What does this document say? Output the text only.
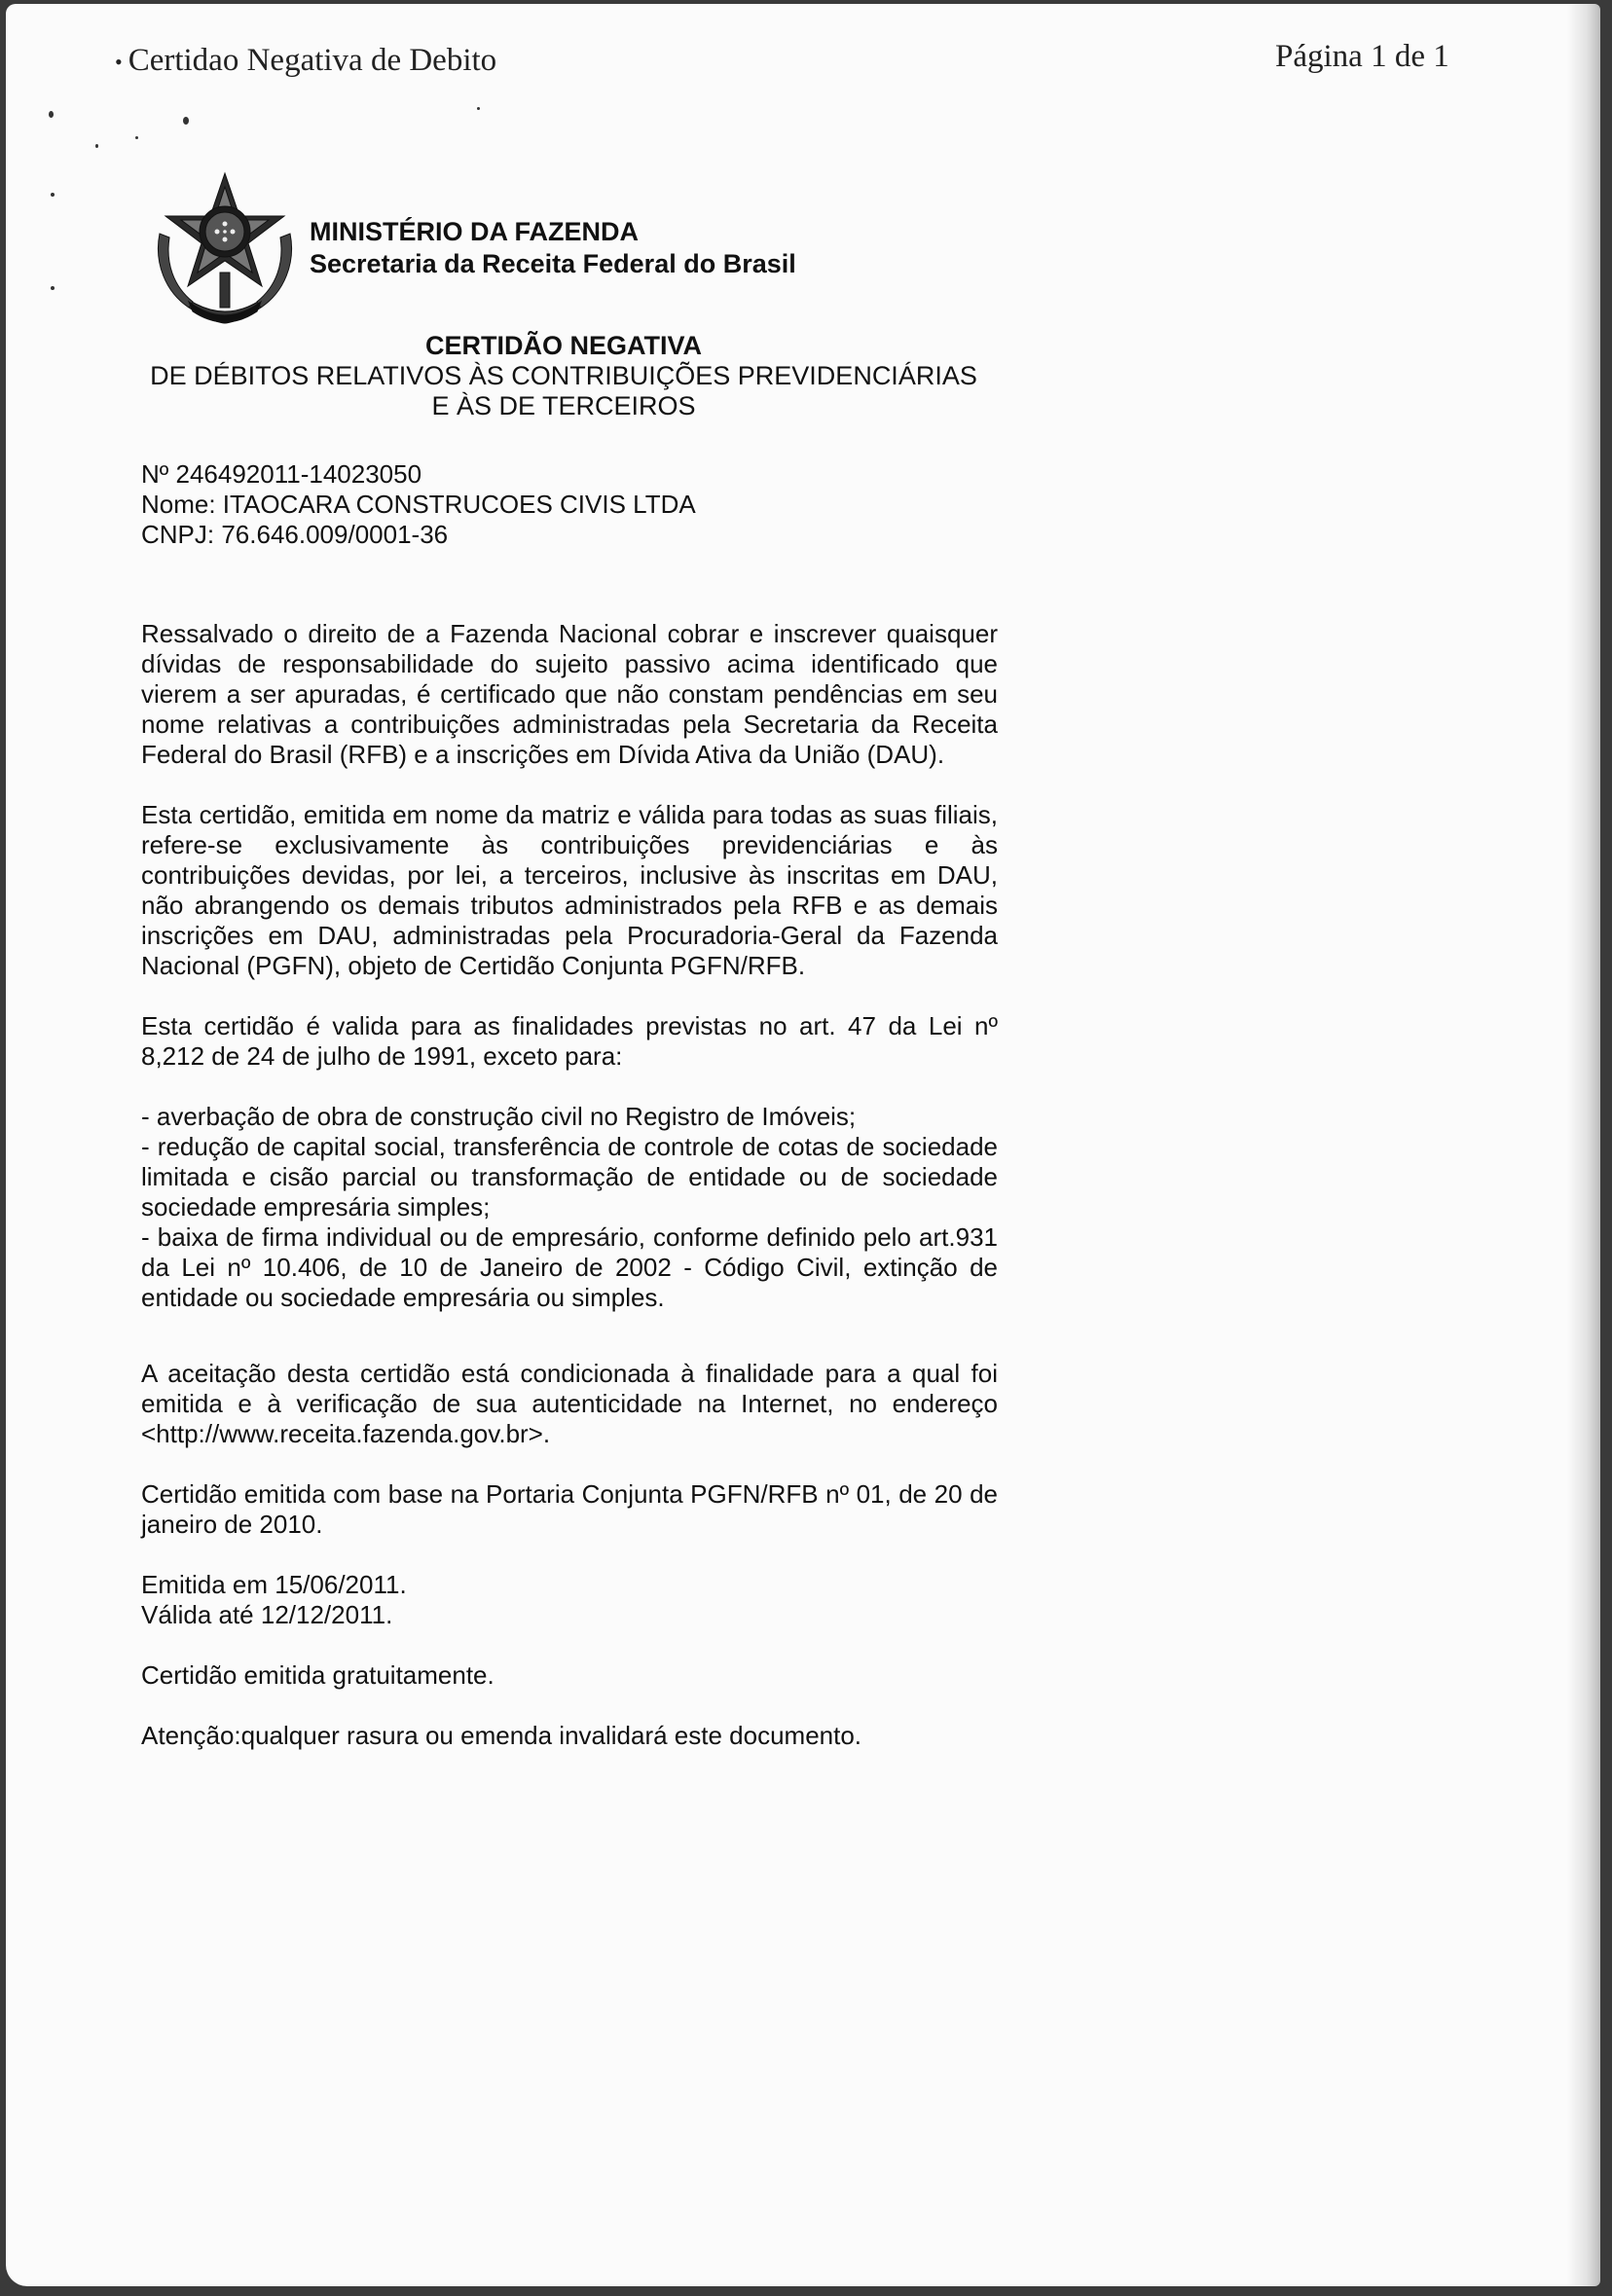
• Certidao Negativa de Debito	Página 1 de 1
MINISTÉRIO DA FAZENDA
Secretaria da Receita Federal do Brasil
CERTIDÃO NEGATIVA
DE DÉBITOS RELATIVOS ÀS CONTRIBUIÇÕES PREVIDENCIÁRIAS
E ÀS DE TERCEIROS
Nº 246492011-14023050
Nome: ITAOCARA CONSTRUCOES CIVIS LTDA
CNPJ: 76.646.009/0001-36

Ressalvado o direito de a Fazenda Nacional cobrar e inscrever quaisquer dívidas de responsabilidade do sujeito passivo acima identificado que vierem a ser apuradas, é certificado que não constam pendências em seu nome relativas a contribuições administradas pela Secretaria da Receita Federal do Brasil (RFB) e a inscrições em Dívida Ativa da União (DAU).

Esta certidão, emitida em nome da matriz e válida para todas as suas filiais, refere-se exclusivamente às contribuições previdenciárias e às contribuições devidas, por lei, a terceiros, inclusive às inscritas em DAU, não abrangendo os demais tributos administrados pela RFB e as demais inscrições em DAU, administradas pela Procuradoria-Geral da Fazenda Nacional (PGFN), objeto de Certidão Conjunta PGFN/RFB.

Esta certidão é valida para as finalidades previstas no art. 47 da Lei nº 8,212 de 24 de julho de 1991, exceto para:

- averbação de obra de construção civil no Registro de Imóveis;
- redução de capital social, transferência de controle de cotas de sociedade limitada e cisão parcial ou transformação de entidade ou de sociedade sociedade empresária simples;
- baixa de firma individual ou de empresário, conforme definido pelo art.931 da Lei nº 10.406, de 10 de Janeiro de 2002 - Código Civil, extinção de entidade ou sociedade empresária ou simples.

A aceitação desta certidão está condicionada à finalidade para a qual foi emitida e à verificação de sua autenticidade na Internet, no endereço <http://www.receita.fazenda.gov.br>.

Certidão emitida com base na Portaria Conjunta PGFN/RFB nº 01, de 20 de janeiro de 2010.

Emitida em 15/06/2011.

Válida até 12/12/2011.

Certidão emitida gratuitamente.

Atenção:qualquer rasura ou emenda invalidará este documento.
